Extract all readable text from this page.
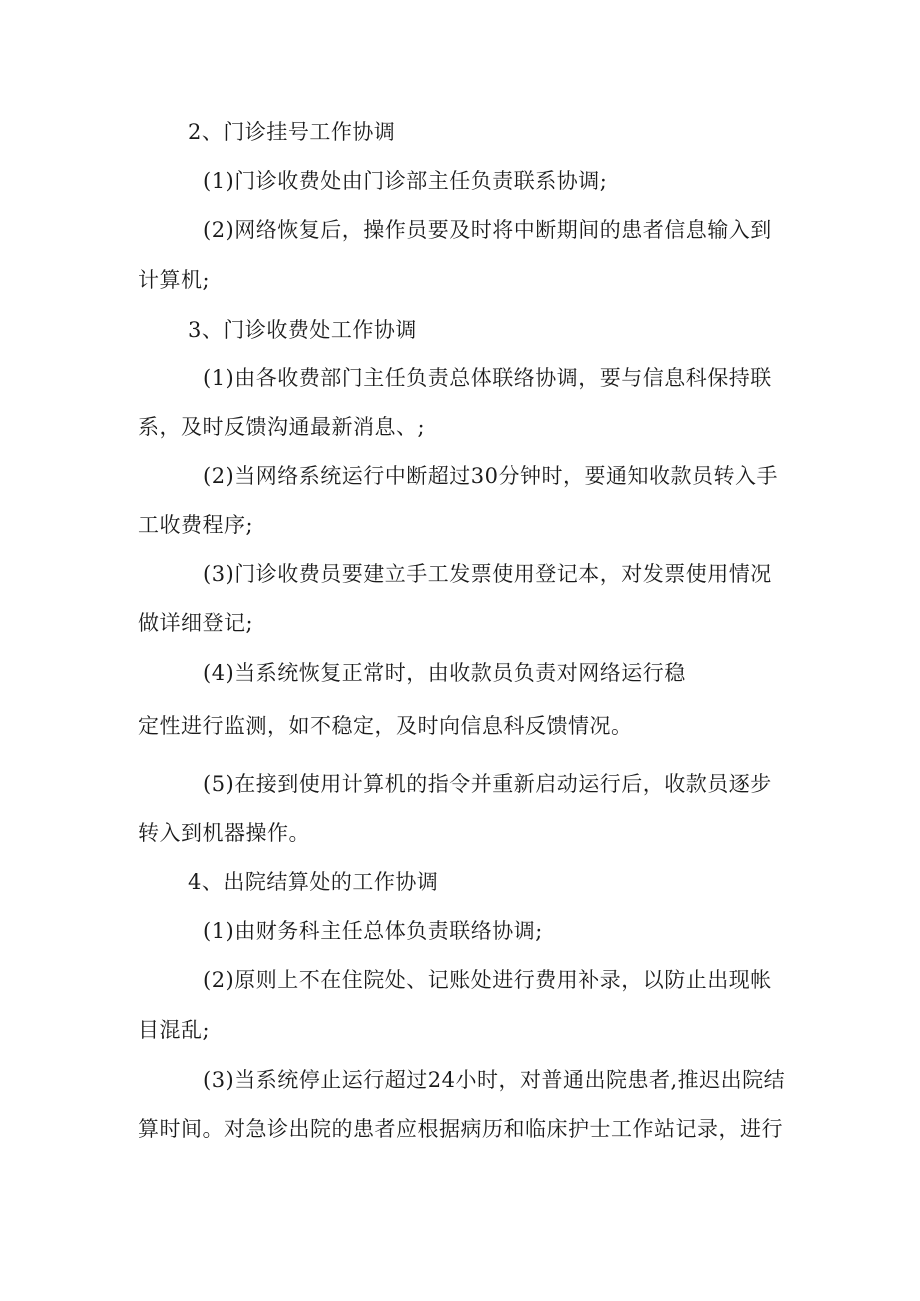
2、门诊挂号工作协调
(1)门诊收费处由门诊部主任负责联系协调;
(2)网络恢复后，操作员要及时将中断期间的患者信息输入到
计算机;
3、门诊收费处工作协调
(1)由各收费部门主任负责总体联络协调，要与信息科保持联
系，及时反馈沟通最新消息、;
(2)当网络系统运行中断超过30分钟时，要通知收款员转入手
工收费程序;
(3)门诊收费员要建立手工发票使用登记本，对发票使用情况
做详细登记;
(4)当系统恢复正常时，由收款员负责对网络运行稳
定性进行监测，如不稳定，及时向信息科反馈情况。
(5)在接到使用计算机的指令并重新启动运行后，收款员逐步
转入到机器操作。
4、出院结算处的工作协调
(1)由财务科主任总体负责联络协调;
(2)原则上不在住院处、记账处进行费用补录，以防止出现帐
目混乱;
(3)当系统停止运行超过24小时，对普通出院患者,推迟出院结
算时间。对急诊出院的患者应根据病历和临床护士工作站记录，进行
